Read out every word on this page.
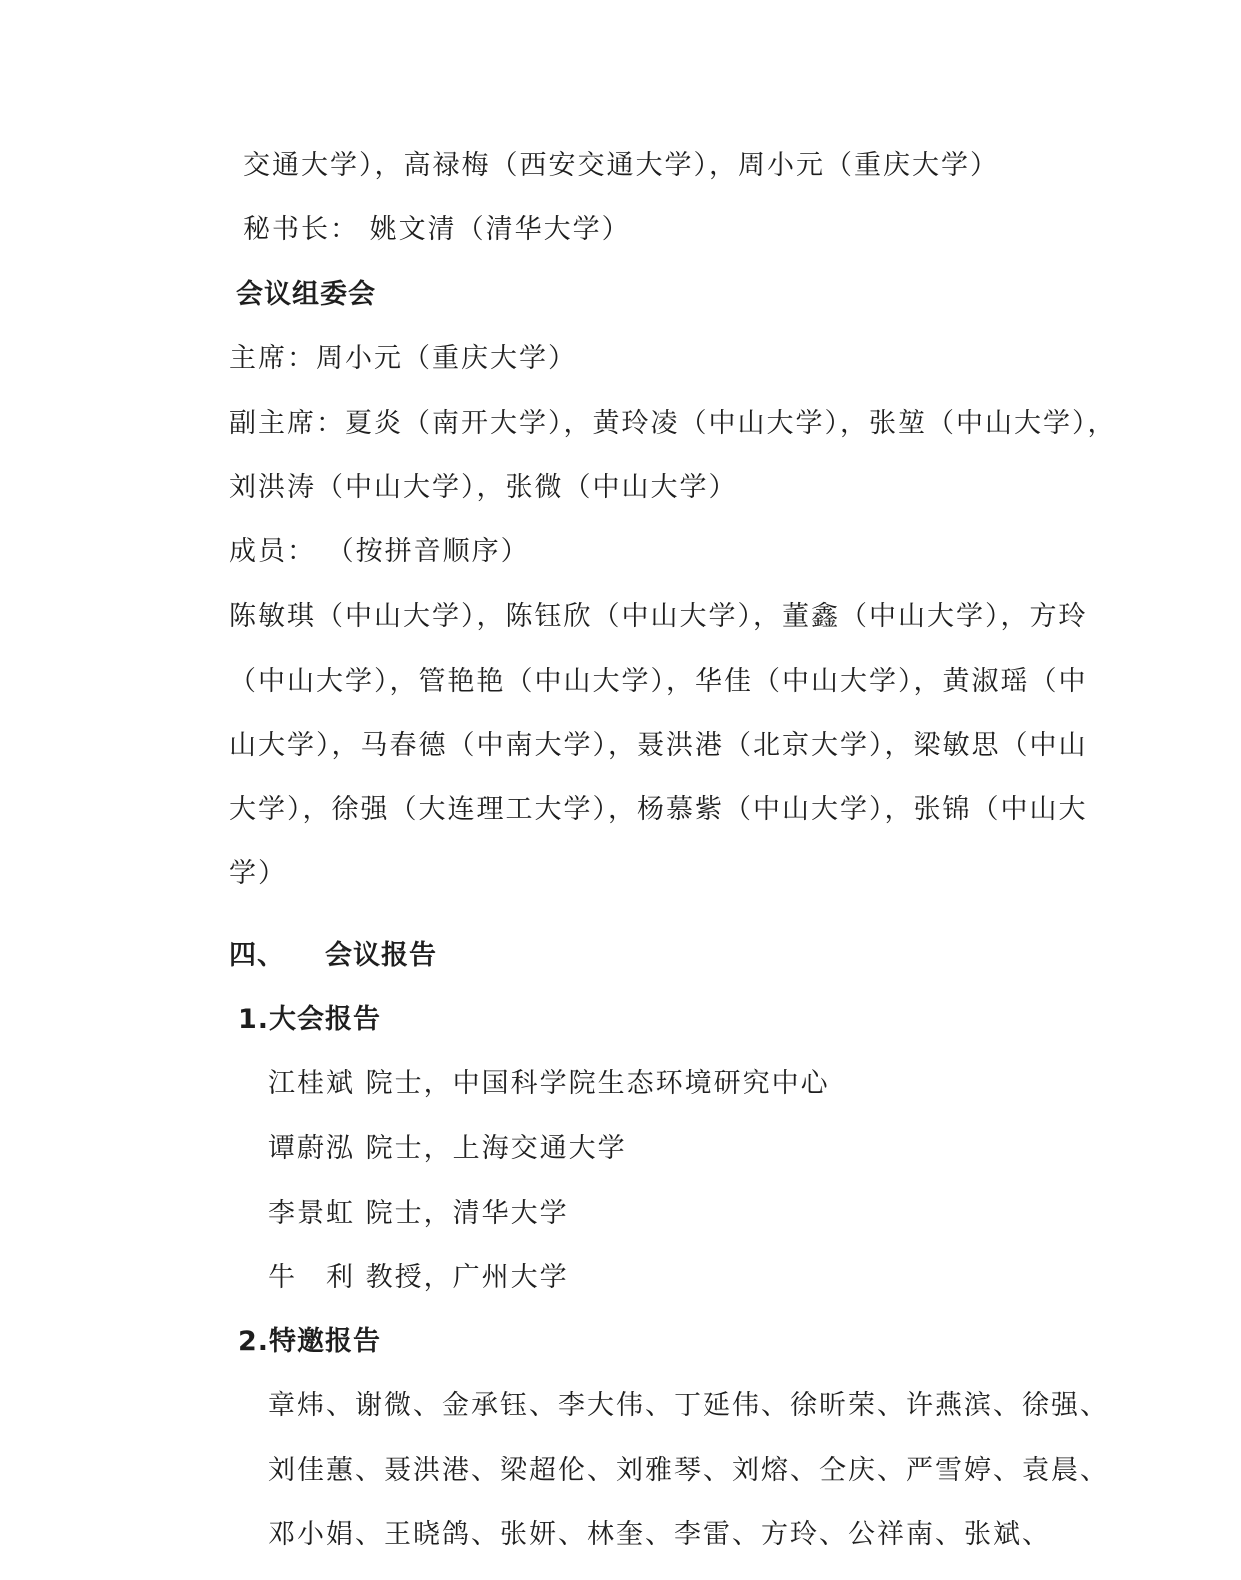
交通大学），高禄梅（西安交通大学），周小元（重庆大学）
秘书长： 姚文清（清华大学）
会议组委会
主席：周小元（重庆大学）
副主席：夏炎（南开大学），黄玲凌（中山大学），张堃（中山大学），
刘洪涛（中山大学），张微（中山大学）
成员： （按拼音顺序）
陈敏琪（中山大学），陈钰欣（中山大学），董鑫（中山大学），方玲
（中山大学），管艳艳（中山大学），华佳（中山大学），黄淑瑶（中
山大学），马春德（中南大学），聂洪港（北京大学），梁敏思（中山
大学），徐强（大连理工大学），杨慕紫（中山大学），张锦（中山大
学）
四、 会议报告
1.大会报告
江桂斌 院士，中国科学院生态环境研究中心
谭蔚泓 院士，上海交通大学
李景虹 院士，清华大学
牛　利 教授，广州大学
2.特邀报告
章炜、谢微、金承钰、李大伟、丁延伟、徐昕荣、许燕滨、徐强、
刘佳蕙、聂洪港、梁超伦、刘雅琴、刘熔、仝庆、严雪婷、袁晨、
邓小娟、王晓鸽、张妍、林奎、李雷、方玲、公祥南、张斌、
